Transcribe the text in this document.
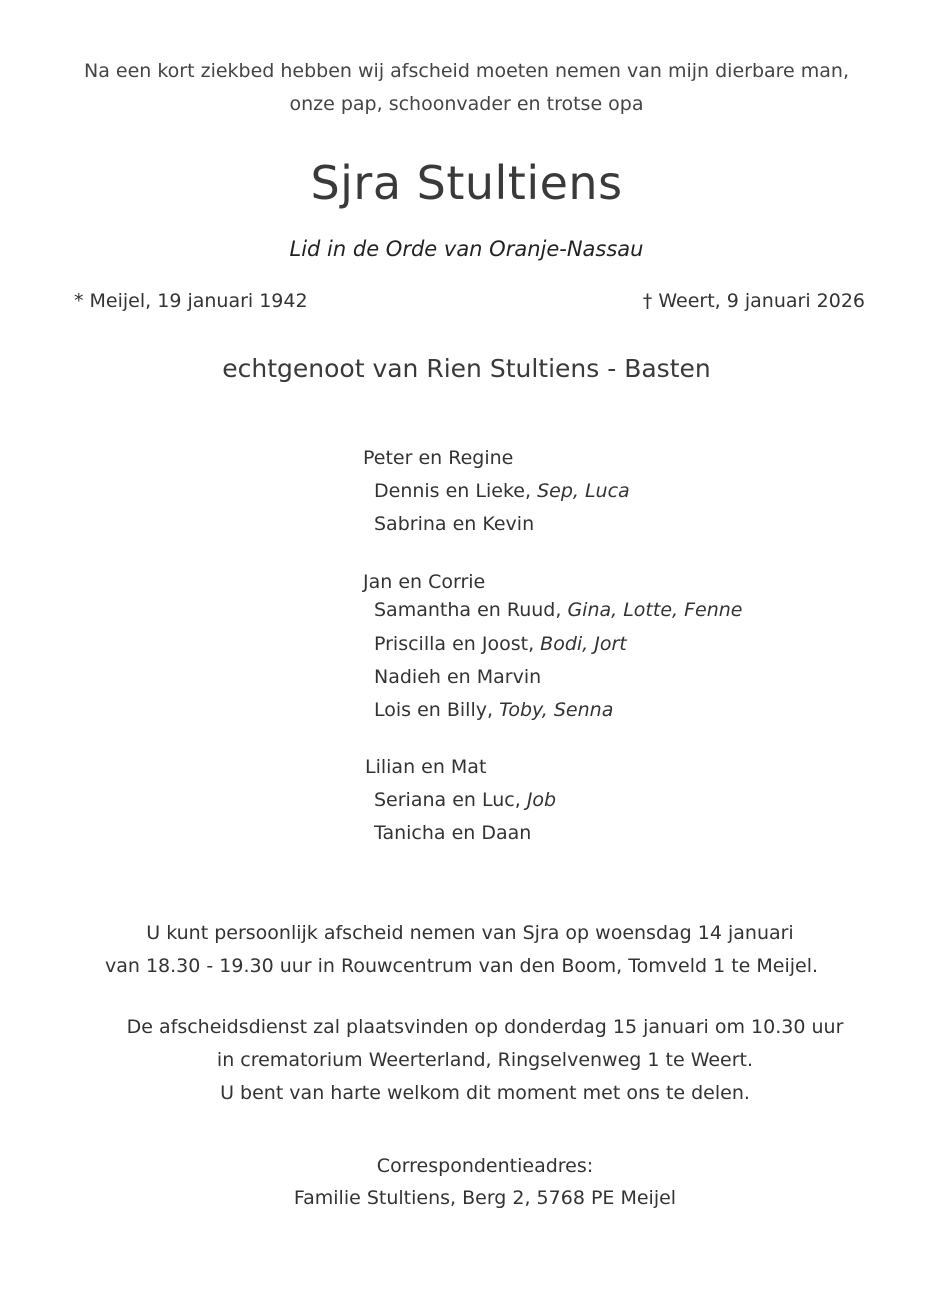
Na een kort ziekbed hebben wij afscheid moeten nemen van mijn dierbare man,
onze pap, schoonvader en trotse opa
Sjra Stultiens
Lid in de Orde van Oranje-Nassau
* Meijel, 19 januari 1942	† Weert, 9 januari 2026
echtgenoot van Rien Stultiens - Basten
Peter en Regine
Dennis en Lieke, Sep, Luca
Sabrina en Kevin
Jan en Corrie
Samantha en Ruud, Gina, Lotte, Fenne
Priscilla en Joost, Bodi, Jort
Nadieh en Marvin
Lois en Billy, Toby, Senna
Lilian en Mat
Seriana en Luc, Job
Tanicha en Daan
U kunt persoonlijk afscheid nemen van Sjra op woensdag 14 januari
van 18.30 - 19.30 uur in Rouwcentrum van den Boom, Tomveld 1 te Meijel.
De afscheidsdienst zal plaatsvinden op donderdag 15 januari om 10.30 uur
in crematorium Weerterland, Ringselvenweg 1 te Weert.
U bent van harte welkom dit moment met ons te delen.
Correspondentieadres:
Familie Stultiens, Berg 2, 5768 PE Meijel
